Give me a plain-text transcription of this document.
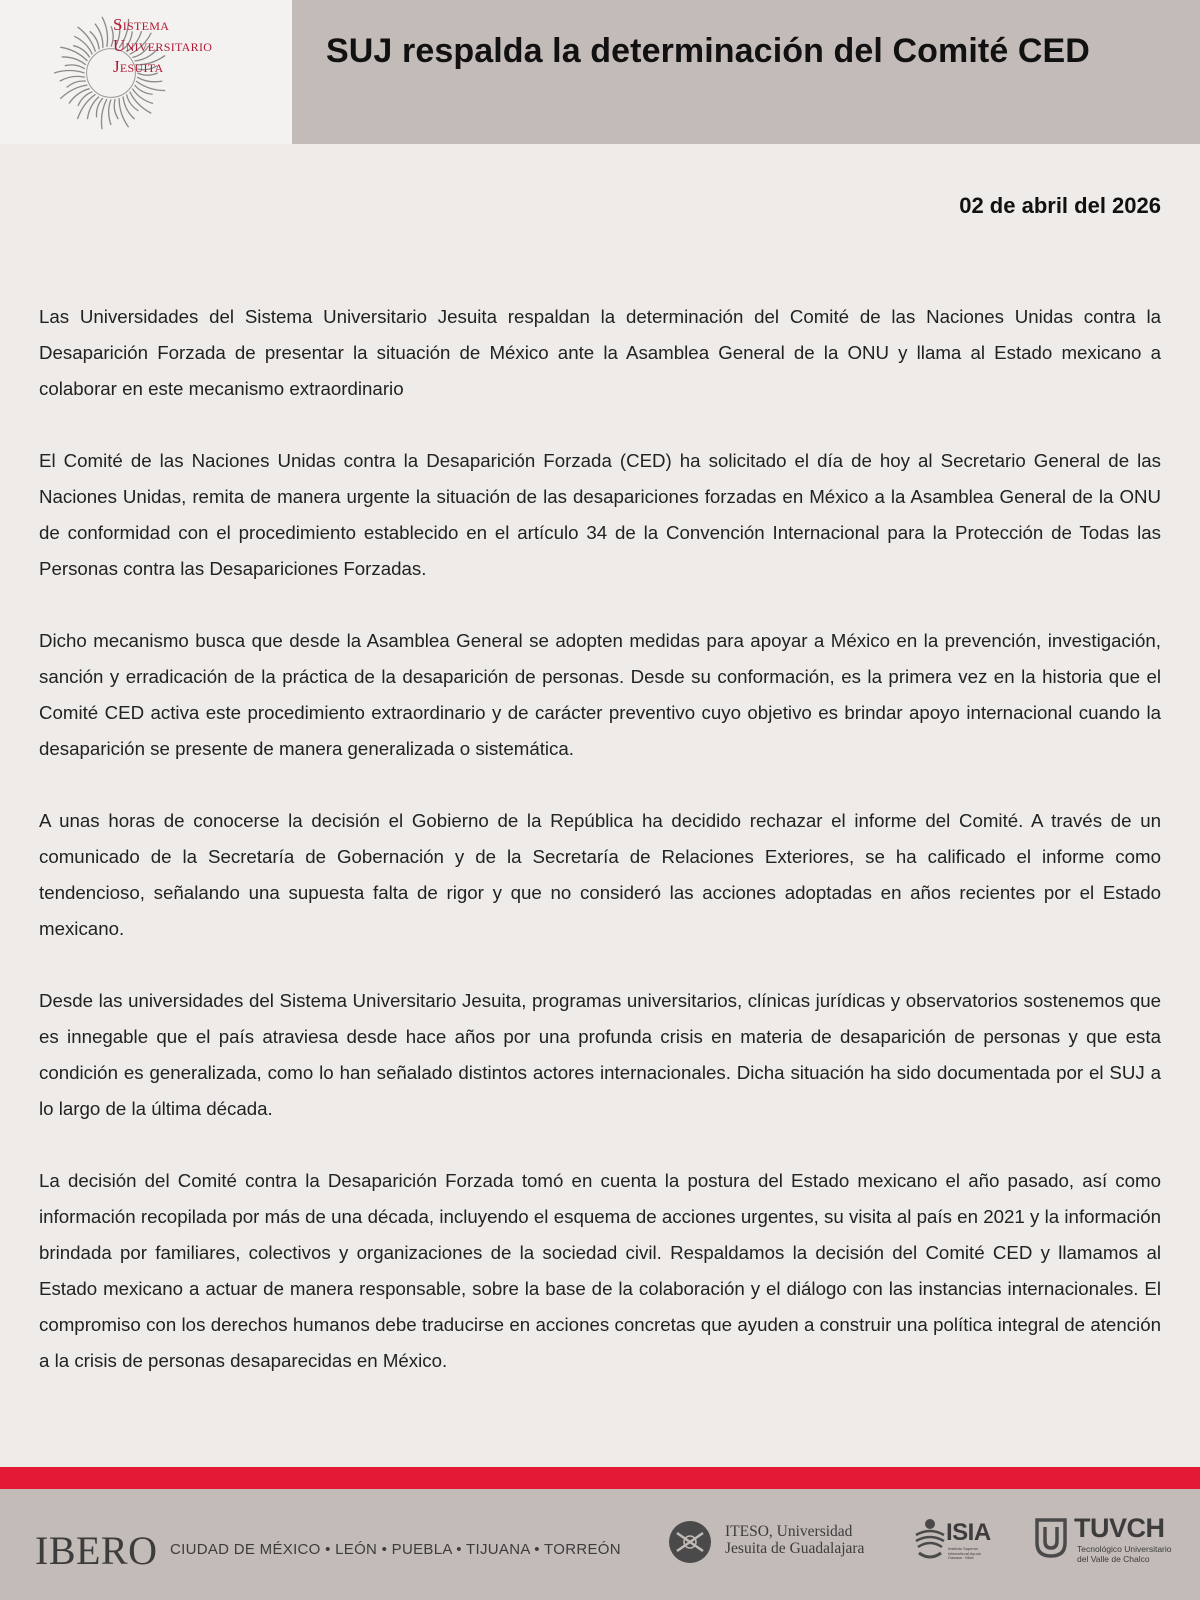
Sistema
Universitario
Jesuita	SUJ respalda la determinación del Comité CED
02 de abril del 2026

Las Universidades del Sistema Universitario Jesuita respaldan la determinación del Comité de las Naciones Unidas contra la Desaparición Forzada de presentar la situación de México ante la Asamblea General de la ONU y llama al Estado mexicano a colaborar en este mecanismo extraordinario

El Comité de las Naciones Unidas contra la Desaparición Forzada (CED) ha solicitado el día de hoy al Secretario General de las Naciones Unidas, remita de manera urgente la situación de las desapariciones forzadas en México a la Asamblea General de la ONU de conformidad con el procedimiento establecido en el artículo 34 de la Convención Internacional para la Protección de Todas las Personas contra las Desapariciones Forzadas.

Dicho mecanismo busca que desde la Asamblea General se adopten medidas para apoyar a México en la prevención, investigación, sanción y erradicación de la práctica de la desaparición de personas. Desde su conformación, es la primera vez en la historia que el Comité CED activa este procedimiento extraordinario y de carácter preventivo cuyo objetivo es brindar apoyo internacional cuando la desaparición se presente de manera generalizada o sistemática.

A unas horas de conocerse la decisión el Gobierno de la República ha decidido rechazar el informe del Comité. A través de un comunicado de la Secretaría de Gobernación y de la Secretaría de Relaciones Exteriores, se ha calificado el informe como tendencioso, señalando una supuesta falta de rigor y que no consideró las acciones adoptadas en años recientes por el Estado mexicano.

Desde las universidades del Sistema Universitario Jesuita, programas universitarios, clínicas jurídicas y observatorios sostenemos que es innegable que el país atraviesa desde hace años por una profunda crisis en materia de desaparición de personas y que esta condición es generalizada, como lo han señalado distintos actores internacionales. Dicha situación ha sido documentada por el SUJ a lo largo de la última década.

La decisión del Comité contra la Desaparición Forzada tomó en cuenta la postura del Estado mexicano el año pasado, así como información recopilada por más de una década, incluyendo el esquema de acciones urgentes, su visita al país en 2021 y la información brindada por familiares, colectivos y organizaciones de la sociedad civil. Respaldamos la decisión del Comité CED y llamamos al Estado mexicano a actuar de manera responsable, sobre la base de la colaboración y el diálogo con las instancias internacionales. El compromiso con los derechos humanos debe traducirse en acciones concretas que ayuden a construir una política integral de atención a la crisis de personas desaparecidas en México.

IBERO CIUDAD DE MÉXICO • LEÓN • PUEBLA • TIJUANA • TORREÓN
ITESO, Universidad
Jesuita de Guadalajara
ISIA
Instituto Superior Intercultural Ayuuk Oaxaca · Mixe
TUVCH
Tecnológico Universitario
del Valle de Chalco
